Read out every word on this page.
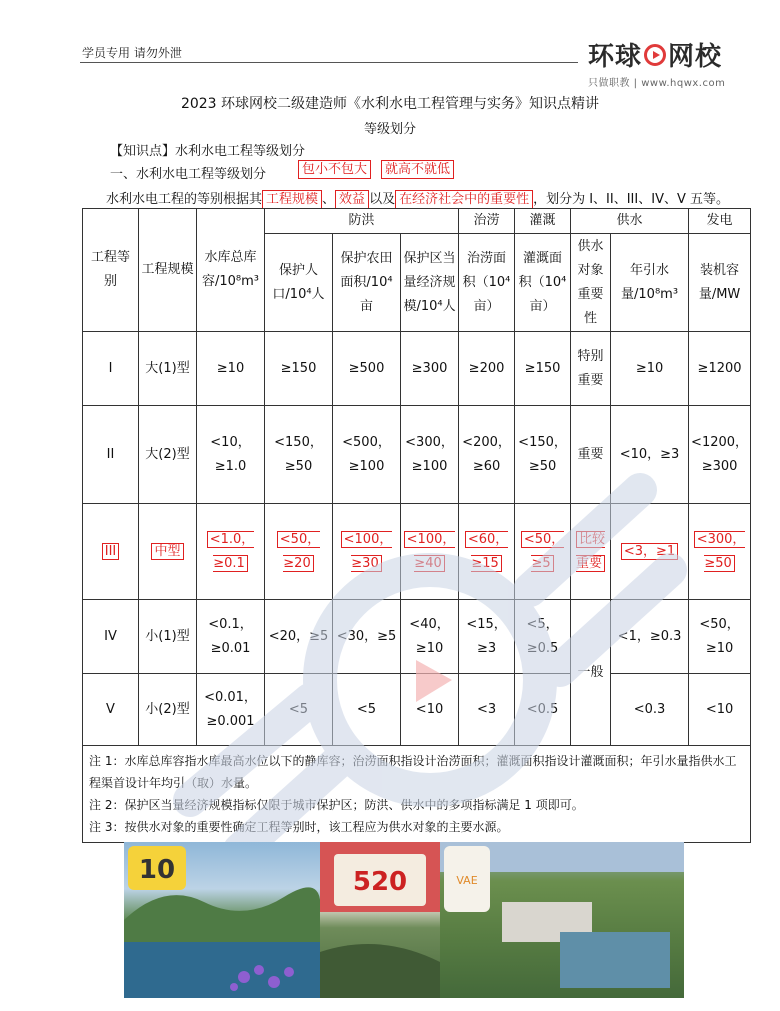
学员专用 请勿外泄	环球 网校
只做职教 | www.hqwx.com
2023 环球网校二级建造师《水利水电工程管理与实务》知识点精讲
等级划分
【知识点】水利水电工程等级划分
一、水利水电工程等级划分	包小不包大	就高不就低
水利水电工程的等别根据其 工程规模 、 效益 以及 在经济社会中的重要性 ，划分为 I、II、III、IV、V 五等。
工程等别	工程规模	水库总库容/10⁸m³	防洪			治涝	灌溉	供水		发电
			保护人口/10⁴人	保护农田面积/10⁴亩	保护区当量经济规模/10⁴人	治涝面积（10⁴亩）	灌溉面积（10⁴亩）	供水对象重要性	年引水量/10⁸m³	装机容量/MW
I	大(1)型	≥10	≥150	≥500	≥300	≥200	≥150	特别重要	≥10	≥1200
II	大(2)型	<10，≥1.0	<150，≥50	<500，≥100	<300，≥100	<200，≥60	<150，≥50	重要	<10，≥3	<1200，≥300
III	中型	<1.0，≥0.1	<50，≥20	<100，≥30	<100，≥40	<60，≥15	<50，≥5	比较重要	<3，≥1	<300，≥50
IV	小(1)型	<0.1，≥0.01	<20，≥5	<30，≥5	<40，≥10	<15，≥3	<5，≥0.5	一般	<1，≥0.3	<50，≥10
V	小(2)型	<0.01，≥0.001	<5	<5	<10	<3	<0.5		<0.3	<10

注 1：水库总库容指水库最高水位以下的静库容；治涝面积指设计治涝面积；灌溉面积指设计灌溉面积；年引水量指供水工程渠首设计年均引（取）水量。
注 2：保护区当量经济规模指标仅限于城市保护区；防洪、供水中的多项指标满足 1 项即可。
注 3：按供水对象的重要性确定工程等别时，该工程应为供水对象的主要水源。										
10	520	VAE
